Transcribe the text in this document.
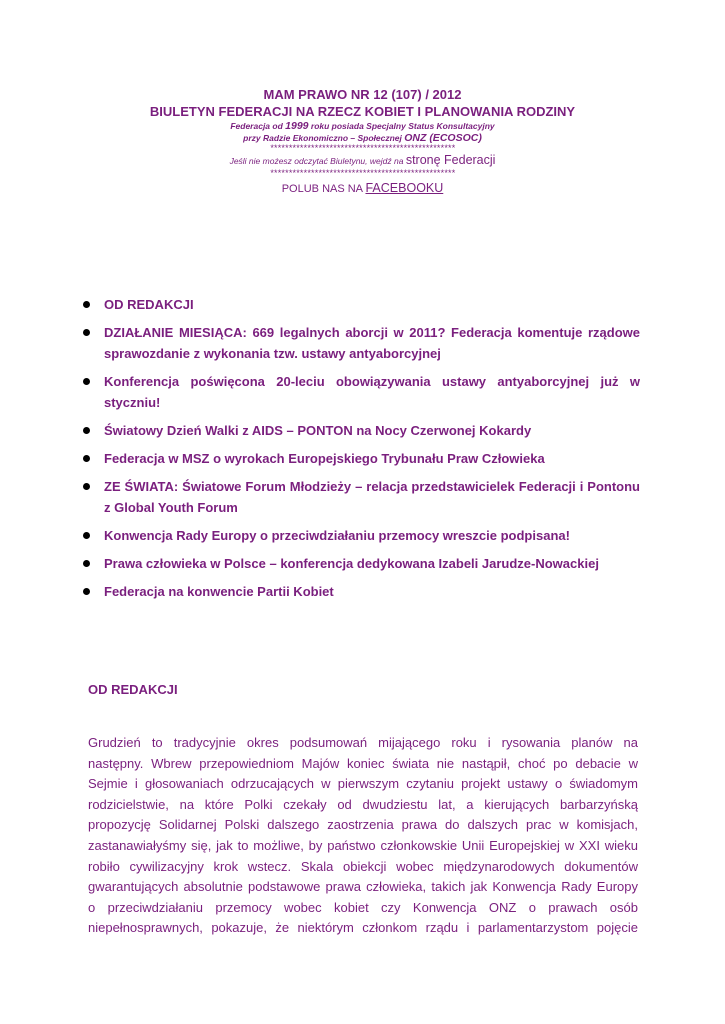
MAM PRAWO NR 12 (107) / 2012
BIULETYN FEDERACJI NA RZECZ KOBIET I PLANOWANIA RODZINY
Federacja od 1999 roku posiada Specjalny Status Konsultacyjny
przy Radzie Ekonomiczno – Społecznej ONZ (ECOSOC)
**************************************************
Jeśli nie możesz odczytać Biuletynu, wejdź na stronę Federacji
**************************************************
POLUB NAS NA FACEBOOKU
OD REDAKCJI
DZIAŁANIE MIESIĄCA: 669 legalnych aborcji w 2011? Federacja komentuje rządowe sprawozdanie z wykonania tzw. ustawy antyaborcyjnej
Konferencja poświęcona 20-leciu obowiązywania ustawy antyaborcyjnej już w styczniu!
Światowy Dzień Walki z AIDS – PONTON na Nocy Czerwonej Kokardy
Federacja w MSZ o wyrokach Europejskiego Trybunału Praw Człowieka
ZE ŚWIATA: Światowe Forum Młodzieży – relacja przedstawicielek Federacji i Pontonu z Global Youth Forum
Konwencja Rady Europy o przeciwdziałaniu przemocy wreszcie podpisana!
Prawa człowieka w Polsce – konferencja dedykowana Izabeli Jarudze-Nowackiej
Federacja na konwencie Partii Kobiet
OD REDAKCJI
Grudzień to tradycyjnie okres podsumowań mijającego roku i rysowania planów na
następny. Wbrew przepowiedniom Majów koniec świata nie nastąpił, choć po debacie w
Sejmie i głosowaniach odrzucających w pierwszym czytaniu projekt ustawy o świadomym
rodzicielstwie, na które Polki czekały od dwudziestu lat, a kierujących barbarzyńską
propozycję Solidarnej Polski dalszego zaostrzenia prawa do dalszych prac w komisjach,
zastanawiałyśmy się, jak to możliwe, by państwo członkowskie Unii Europejskiej w XXI wieku
robiło cywilizacyjny krok wstecz. Skala obiekcji wobec międzynarodowych dokumentów
gwarantujących absolutnie podstawowe prawa człowieka, takich jak Konwencja Rady Europy
o przeciwdziałaniu przemocy wobec kobiet czy Konwencja ONZ o prawach osób
niepełnosprawnych, pokazuje, że niektórym członkom rządu i parlamentarzystom pojęcie
